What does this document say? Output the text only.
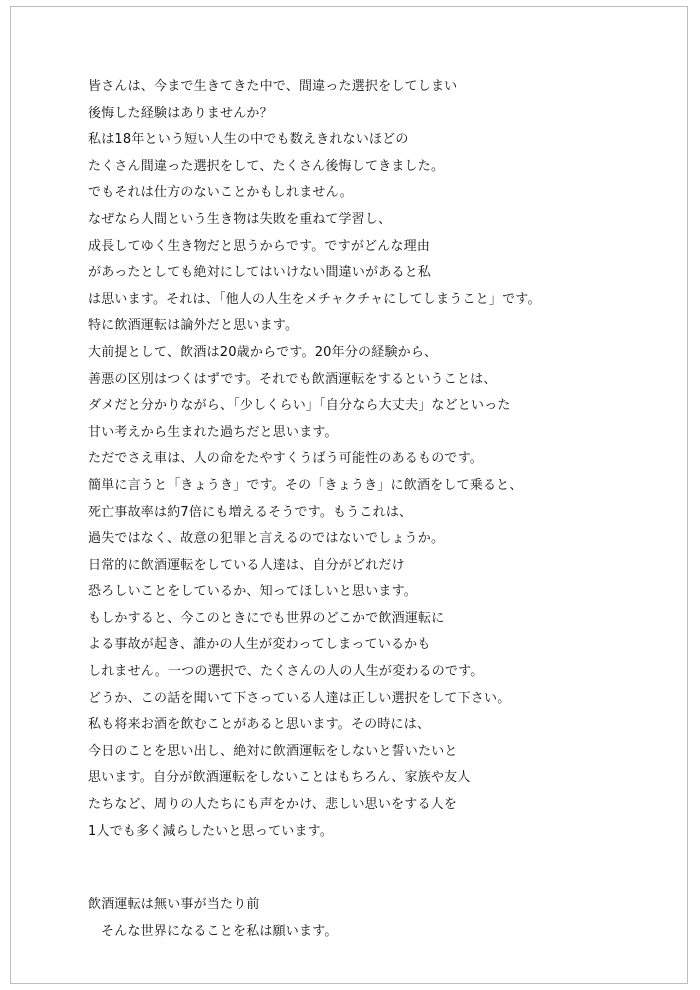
皆さんは、今まで生きてきた中で、間違った選択をしてしまい
後悔した経験はありませんか？
私は18年という短い人生の中でも数えきれないほどの
たくさん間違った選択をして、たくさん後悔してきました。
でもそれは仕方のないことかもしれません。
なぜなら人間という生き物は失敗を重ねて学習し、
成長してゆく生き物だと思うからです。ですがどんな理由
があったとしても絶対にしてはいけない間違いがあると私
は思います。それは、「他人の人生をメチャクチャにしてしまうこと」です。
特に飲酒運転は論外だと思います。
大前提として、飲酒は20歳からです。20年分の経験から、
善悪の区別はつくはずです。それでも飲酒運転をするということは、
ダメだと分かりながら、「少しくらい」「自分なら大丈夫」などといった
甘い考えから生まれた過ちだと思います。
ただでさえ車は、人の命をたやすくうばう可能性のあるものです。
簡単に言うと「きょうき」です。その「きょうき」に飲酒をして乗ると、
死亡事故率は約7倍にも増えるそうです。もうこれは、
過失ではなく、故意の犯罪と言えるのではないでしょうか。
日常的に飲酒運転をしている人達は、自分がどれだけ
恐ろしいことをしているか、知ってほしいと思います。
もしかすると、今このときにでも世界のどこかで飲酒運転に
よる事故が起き、誰かの人生が変わってしまっているかも
しれません。一つの選択で、たくさんの人の人生が変わるのです。
どうか、この話を聞いて下さっている人達は正しい選択をして下さい。
私も将来お酒を飲むことがあると思います。その時には、
今日のことを思い出し、絶対に飲酒運転をしないと誓いたいと
思います。自分が飲酒運転をしないことはもちろん、家族や友人
たちなど、周りの人たちにも声をかけ、悲しい思いをする人を
1人でも多く減らしたいと思っています。
飲酒運転は無い事が当たり前
そんな世界になることを私は願います。
